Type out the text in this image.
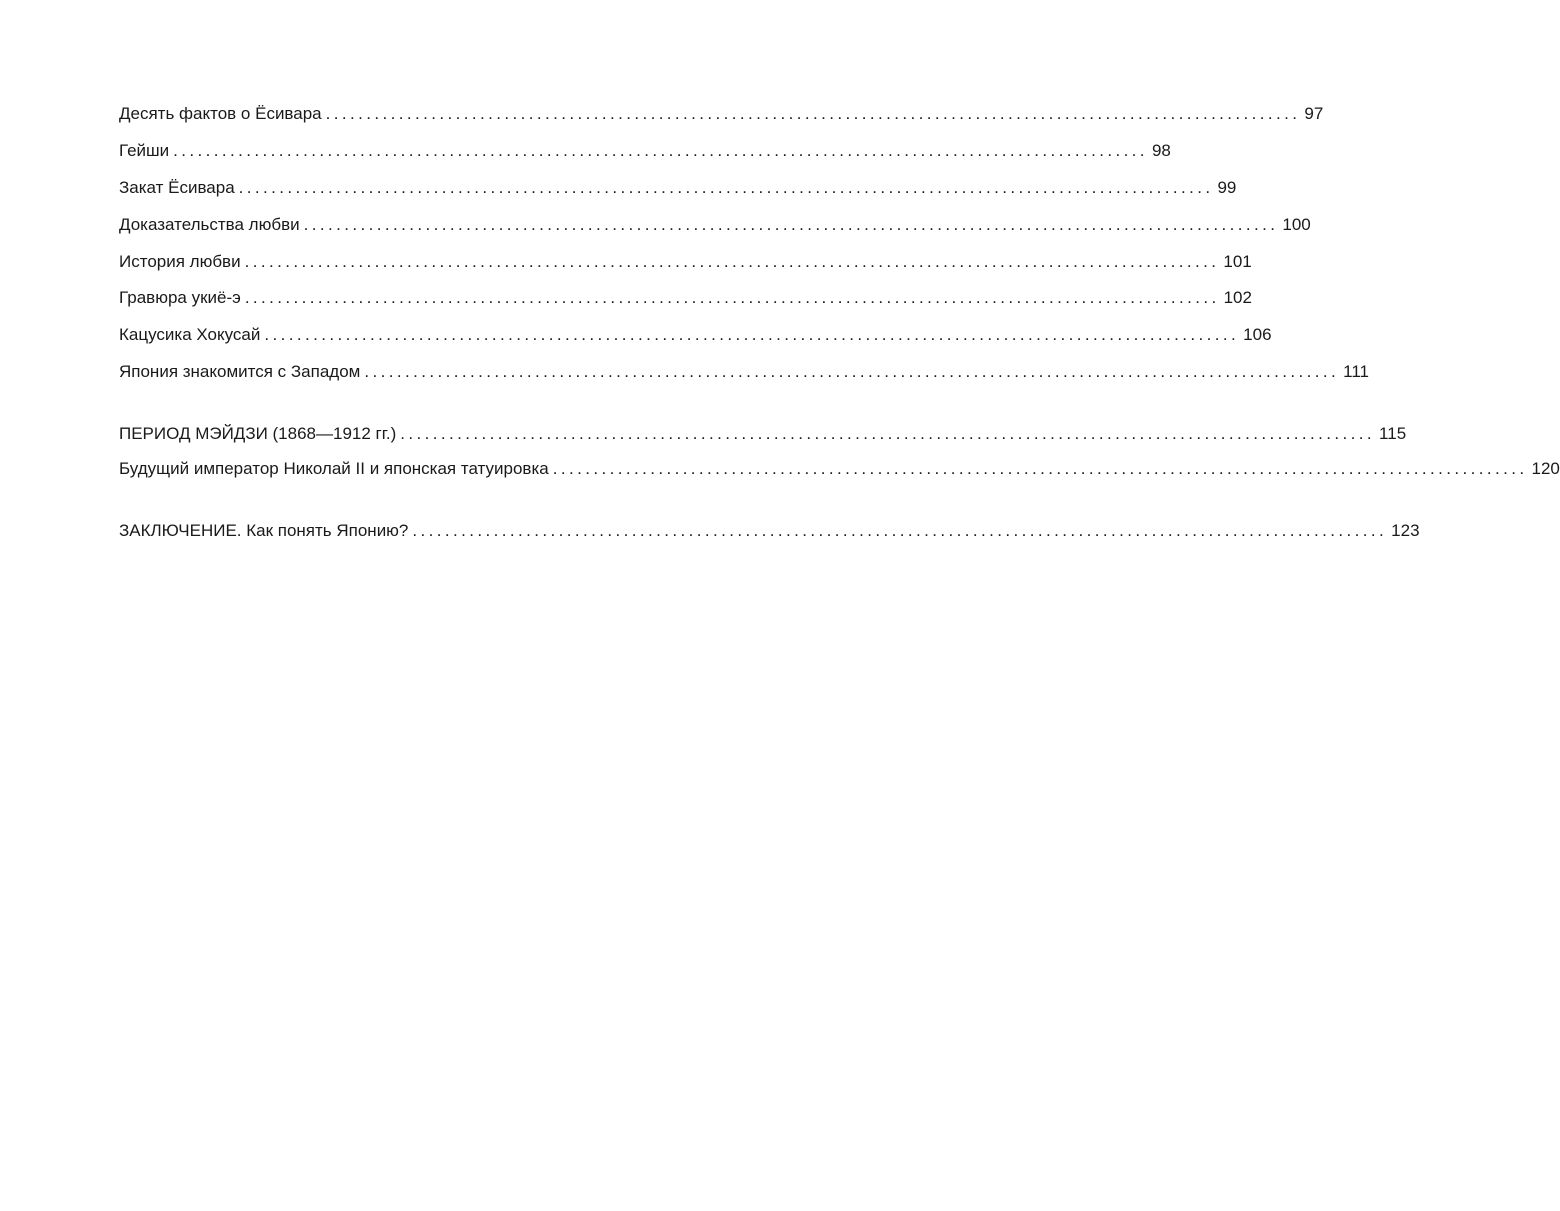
Десять фактов о Ёсивара ........................................................................................................................ 97
Гейши ........................................................................................................................ 98
Закат Ёсивара ........................................................................................................................ 99
Доказательства любви ........................................................................................................................ 100
История любви ........................................................................................................................ 101
Гравюра укиё-э ........................................................................................................................ 102
Кацусика Хокусай ........................................................................................................................ 106
Япония знакомится с Западом ........................................................................................................................ 111
ПЕРИОД МЭЙДЗИ (1868—1912 гг.) ........................................................................................................................ 115
Будущий император Николай II и японская татуировка ........................................................................................................................ 120
ЗАКЛЮЧЕНИЕ. Как понять Японию? ........................................................................................................................ 123
